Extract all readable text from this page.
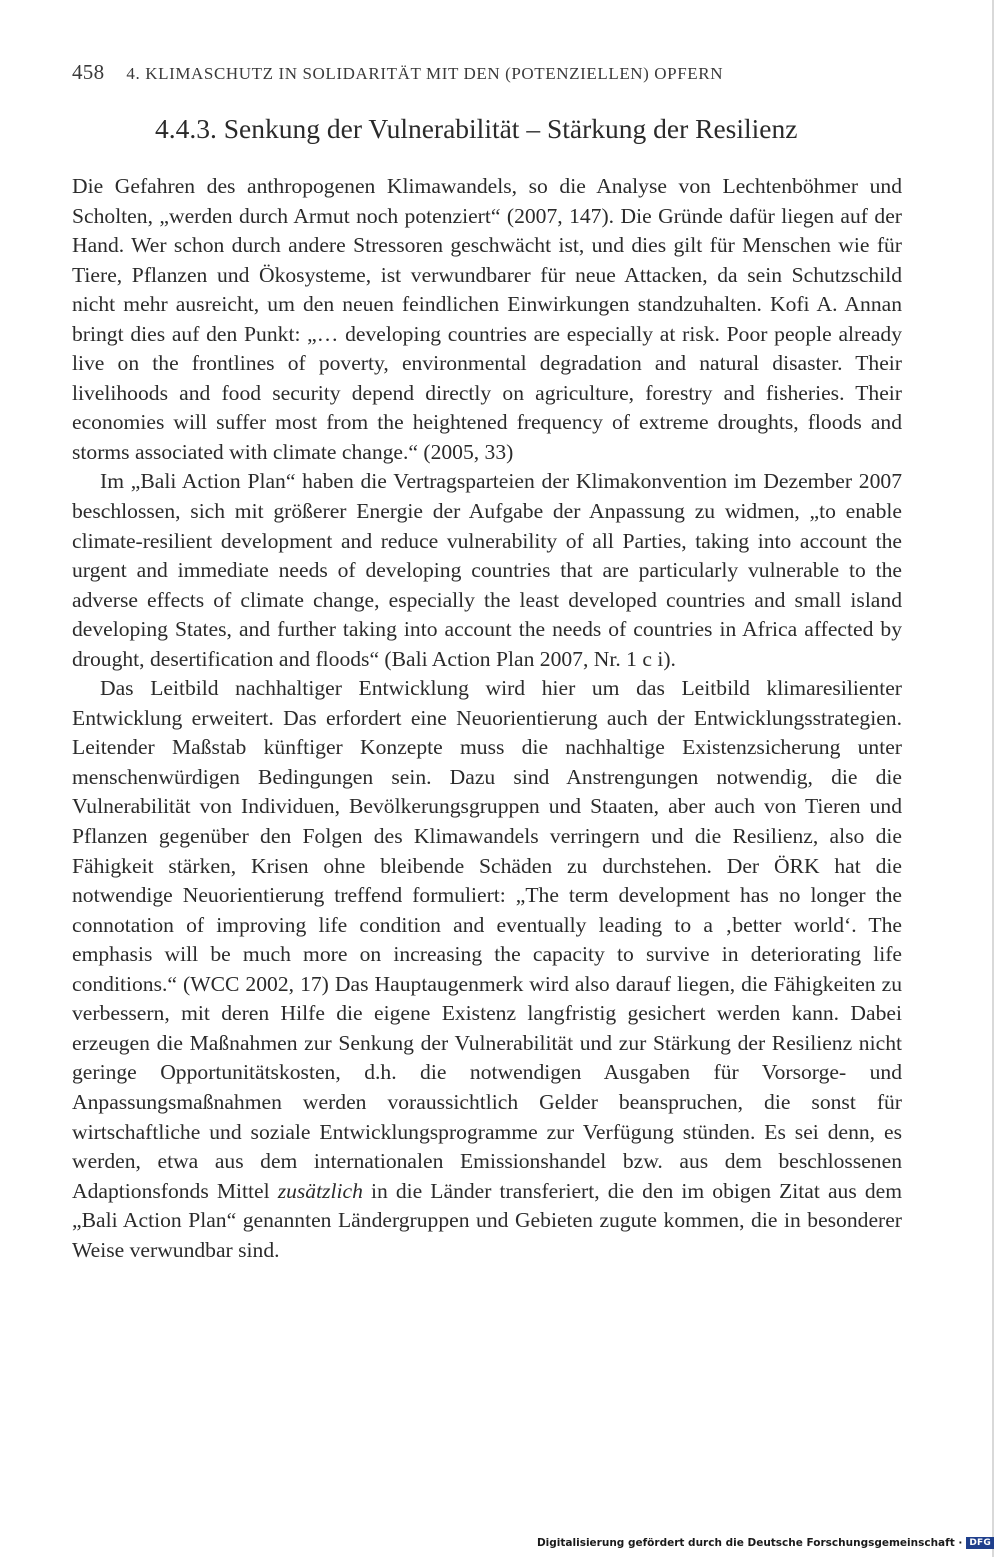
458 4. KLIMASCHUTZ IN SOLIDARITÄT MIT DEN (POTENZIELLEN) OPFERN
4.4.3. Senkung der Vulnerabilität – Stärkung der Resilienz

Die Gefahren des anthropogenen Klimawandels, so die Analyse von Lechtenböhmer und Scholten, „werden durch Armut noch potenziert“ (2007, 147). Die Gründe dafür liegen auf der Hand. Wer schon durch andere Stressoren geschwächt ist, und dies gilt für Menschen wie für Tiere, Pflanzen und Ökosysteme, ist verwundbarer für neue Attacken, da sein Schutzschild nicht mehr ausreicht, um den neuen feindlichen Einwirkungen standzuhalten. Kofi A. Annan bringt dies auf den Punkt: „… developing countries are especially at risk. Poor people already live on the frontlines of poverty, environmental degradation and natural disaster. Their livelihoods and food security depend directly on agriculture, forestry and fisheries. Their economies will suffer most from the heightened frequency of extreme droughts, floods and storms associated with climate change.“ (2005, 33)

Im „Bali Action Plan“ haben die Vertragsparteien der Klimakonvention im Dezember 2007 beschlossen, sich mit größerer Energie der Aufgabe der Anpassung zu widmen, „to enable climate-resilient development and reduce vulnerability of all Parties, taking into account the urgent and immediate needs of developing countries that are particularly vulnerable to the adverse effects of climate change, especially the least developed countries and small island developing States, and further taking into account the needs of countries in Africa affected by drought, desertification and floods“ (Bali Action Plan 2007, Nr. 1 c i).

Das Leitbild nachhaltiger Entwicklung wird hier um das Leitbild klimaresilienter Entwicklung erweitert. Das erfordert eine Neuorientierung auch der Entwicklungsstrategien. Leitender Maßstab künftiger Konzepte muss die nachhaltige Existenzsicherung unter menschenwürdigen Bedingungen sein. Dazu sind Anstrengungen notwendig, die die Vulnerabilität von Individuen, Bevölkerungsgruppen und Staaten, aber auch von Tieren und Pflanzen gegenüber den Folgen des Klimawandels verringern und die Resilienz, also die Fähigkeit stärken, Krisen ohne bleibende Schäden zu durchstehen. Der ÖRK hat die notwendige Neuorientierung treffend formuliert: „The term development has no longer the connotation of improving life condition and eventually leading to a ‚better world‘. The emphasis will be much more on increasing the capacity to survive in deteriorating life conditions.“ (WCC 2002, 17) Das Hauptaugenmerk wird also darauf liegen, die Fähigkeiten zu verbessern, mit deren Hilfe die eigene Existenz langfristig gesichert werden kann. Dabei erzeugen die Maßnahmen zur Senkung der Vulnerabilität und zur Stärkung der Resilienz nicht geringe Opportunitätskosten, d.h. die notwendigen Ausgaben für Vorsorge- und Anpassungsmaßnahmen werden voraussichtlich Gelder beanspruchen, die sonst für wirtschaftliche und soziale Entwicklungsprogramme zur Verfügung stünden. Es sei denn, es werden, etwa aus dem internationalen Emissionshandel bzw. aus dem beschlossenen Adaptionsfonds Mittel zusätzlich in die Länder transferiert, die den im obigen Zitat aus dem „Bali Action Plan“ genannten Ländergruppen und Gebieten zugute kommen, die in besonderer Weise verwundbar sind.

Digitalisierung gefördert durch die Deutsche Forschungsgemeinschaft · DFG
